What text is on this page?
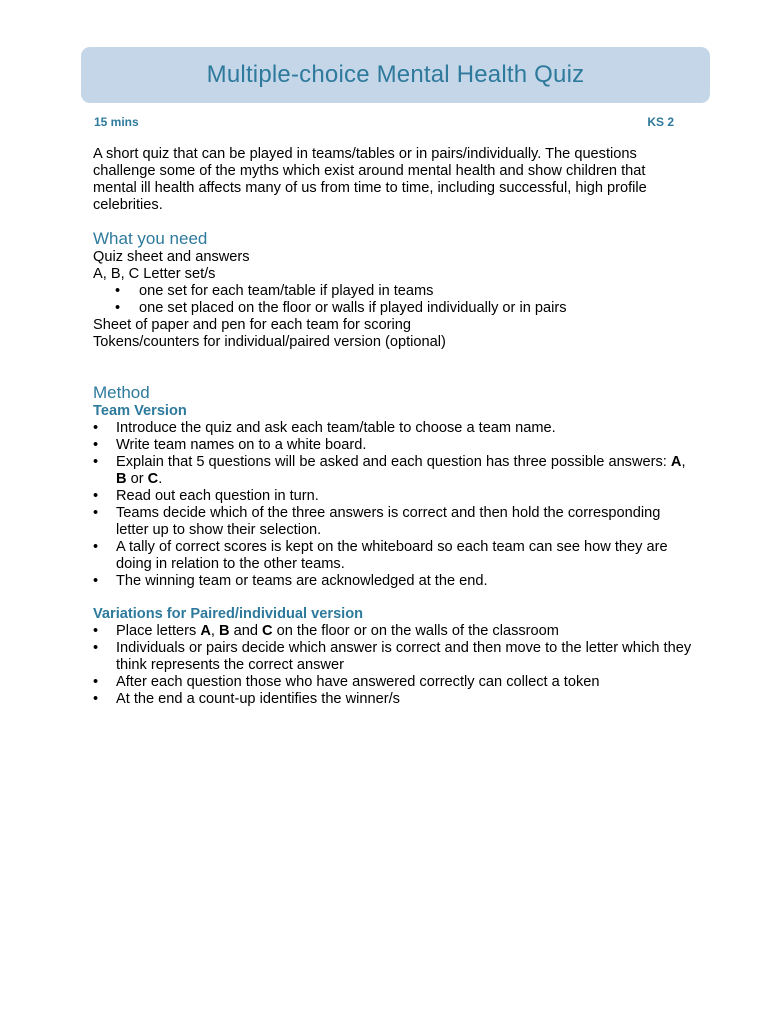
Multiple-choice Mental Health Quiz
15 mins	KS 2

A short quiz that can be played in teams/tables or in pairs/individually. The questions challenge some of the myths which exist around mental health and show children that mental ill health affects many of us from time to time, including successful, high profile celebrities.

What you need

Quiz sheet and answers

A, B, C Letter set/s

• one set for each team/table if played in teams
• one set placed on the floor or walls if played individually or in pairs

Sheet of paper and pen for each team for scoring

Tokens/counters for individual/paired version (optional)

Method
Team Version
• Introduce the quiz and ask each team/table to choose a team name.
• Write team names on to a white board.
• Explain that 5 questions will be asked and each question has three possible answers: A, B or C.
• Read out each question in turn.
• Teams decide which of the three answers is correct and then hold the corresponding letter up to show their selection.
• A tally of correct scores is kept on the whiteboard so each team can see how they are doing in relation to the other teams.
• The winning team or teams are acknowledged at the end.
Variations for Paired/individual version
• Place letters A, B and C on the floor or on the walls of the classroom
• Individuals or pairs decide which answer is correct and then move to the letter which they think represents the correct answer
• After each question those who have answered correctly can collect a token
• At the end a count-up identifies the winner/s
